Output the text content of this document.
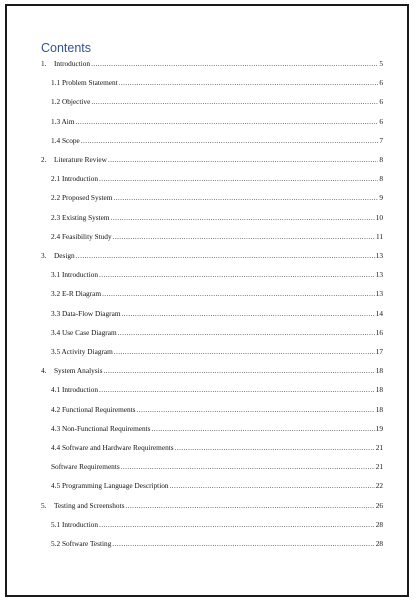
Contents
1.	Introduction .....	5
1.1 Problem Statement .....	6
1.2 Objective .....	6
1.3 Aim .....	6
1.4 Scope .....	7
2.	Literature Review .....	8
2.1 Introduction .....	8
2.2 Proposed System .....	9
2.3 Existing System .....	10
2.4 Feasibility Study .....	11
3.	Design .....	13
3.1 Introduction .....	13
3.2 E-R Diagram .....	13
3.3 Data-Flow Diagram .....	14
3.4 Use Case Diagram .....	16
3.5 Activity Diagram .....	17
4.	System Analysis .....	18
4.1 Introduction .....	18
4.2 Functional Requirements .....	18
4.3 Non-Functional Requirements .....	19
4.4 Software and Hardware Requirements .....	21
Software Requirements .....	21
4.5 Programming Language Description .....	22
5.	Testing and Screenshots .....	26
5.1 Introduction .....	28
5.2 Software Testing .....	28
